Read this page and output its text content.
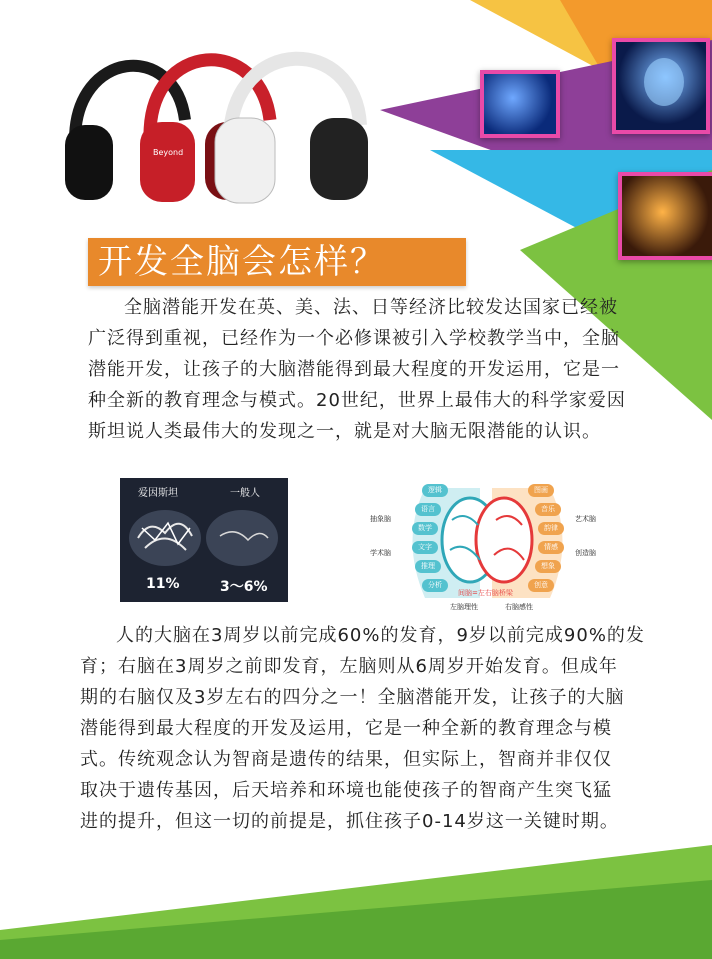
Beyond
开发全脑会怎样？
全脑潜能开发在英、美、法、日等经济比较发达国家已经被
广泛得到重视，已经作为一个必修课被引入学校教学当中，全脑
潜能开发，让孩子的大脑潜能得到最大程度的开发运用，它是一
种全新的教育理念与模式。20世纪，世界上最伟大的科学家爱因
斯坦说人类最伟大的发现之一，就是对大脑无限潜能的认识。
爱因斯坦	一般人
11%	3～6%
逻辑
语言
数学
文字
推理
分析
图画
音乐
韵律
情感
想象
创意
抽象脑
学术脑
艺术脑
创造脑
间脑=左右脑桥梁
左脑理性	右脑感性
人的大脑在3周岁以前完成60%的发育，9岁以前完成90%的发
育；右脑在3周岁之前即发育，左脑则从6周岁开始发育。但成年
期的右脑仅及3岁左右的四分之一！全脑潜能开发，让孩子的大脑
潜能得到最大程度的开发及运用，它是一种全新的教育理念与模
式。传统观念认为智商是遗传的结果，但实际上，智商并非仅仅
取决于遗传基因，后天培养和环境也能使孩子的智商产生突飞猛
进的提升，但这一切的前提是，抓住孩子0-14岁这一关键时期。
